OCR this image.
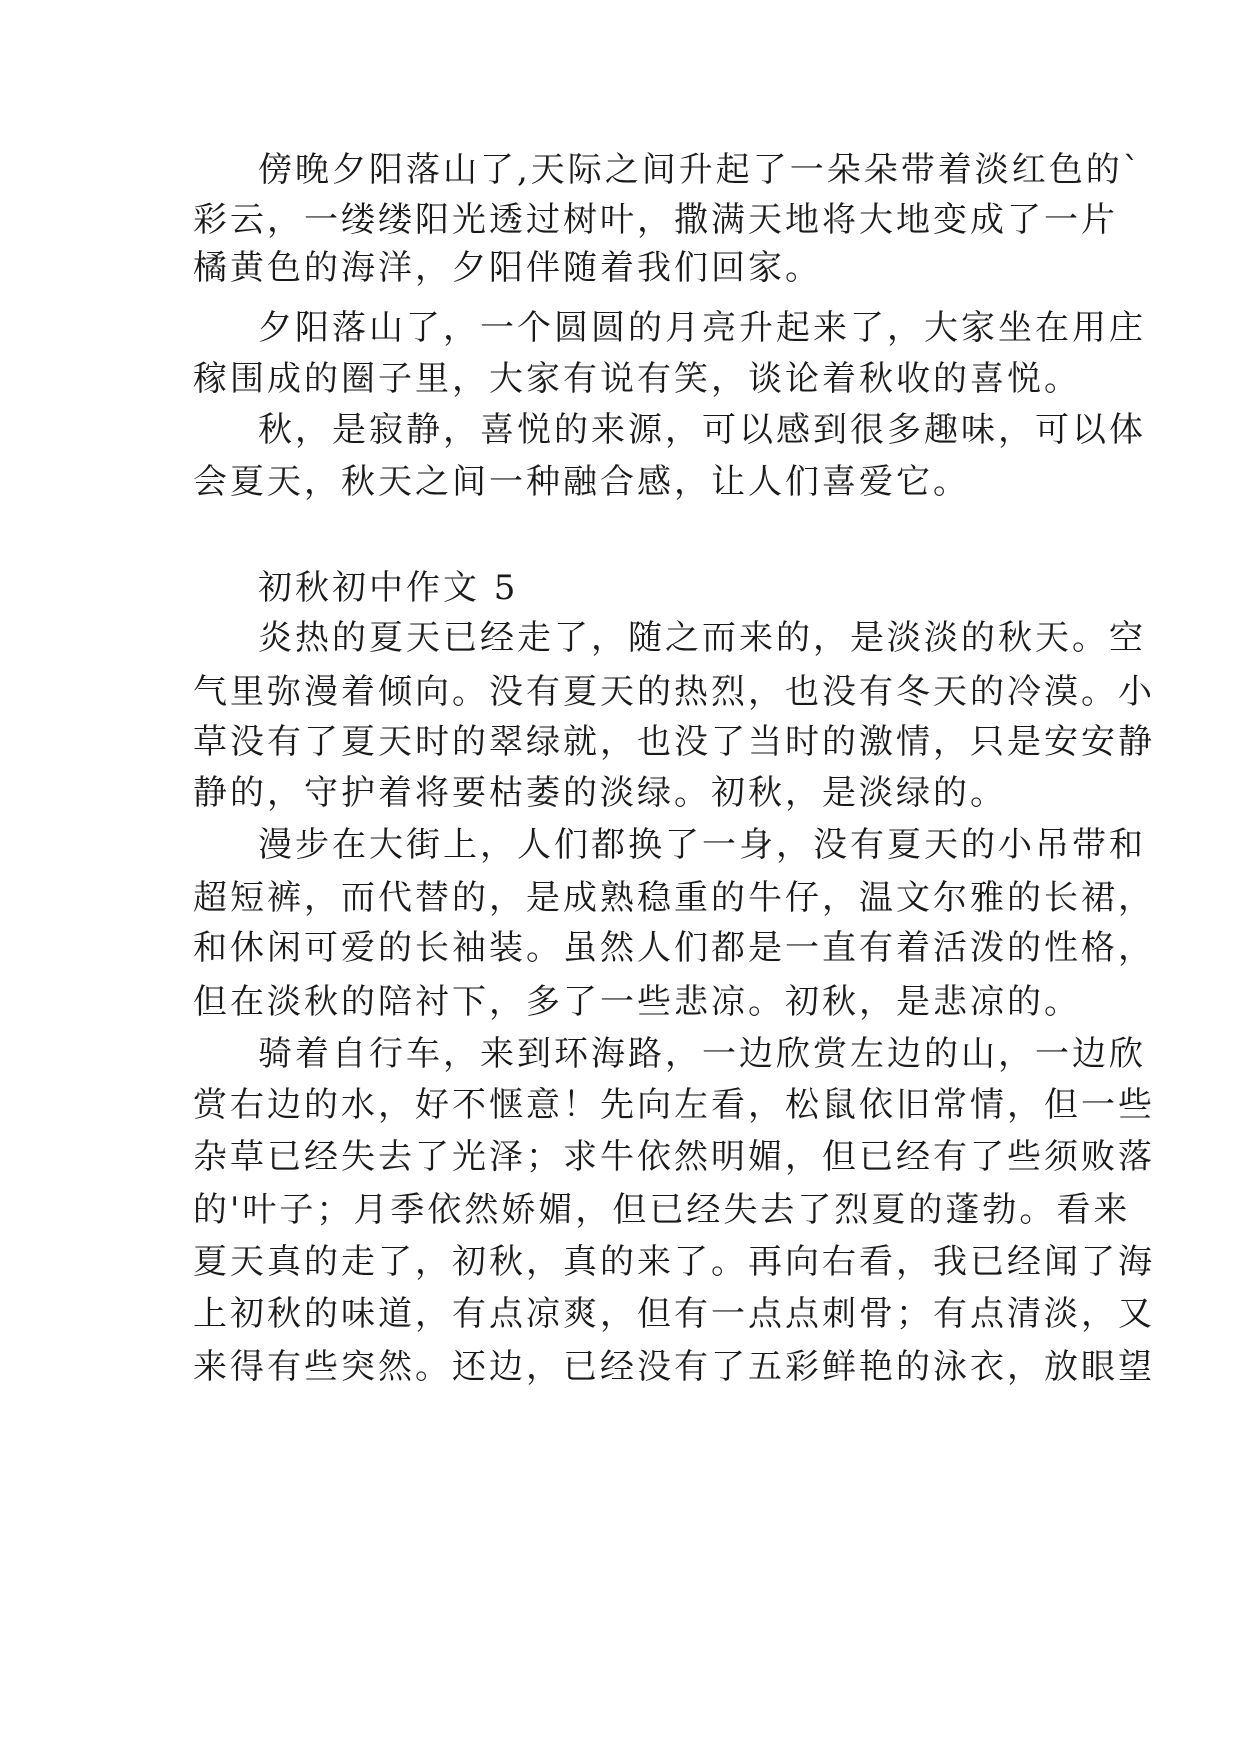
傍晚夕阳落山了,天际之间升起了一朵朵带着淡红色的`
彩云，一缕缕阳光透过树叶，撒满天地将大地变成了一片
橘黄色的海洋，夕阳伴随着我们回家。
夕阳落山了，一个圆圆的月亮升起来了，大家坐在用庄
稼围成的圈子里，大家有说有笑，谈论着秋收的喜悦。
秋，是寂静，喜悦的来源，可以感到很多趣味，可以体
会夏天，秋天之间一种融合感，让人们喜爱它。
初秋初中作文 5
炎热的夏天已经走了，随之而来的，是淡淡的秋天。空
气里弥漫着倾向。没有夏天的热烈，也没有冬天的冷漠。小
草没有了夏天时的翠绿就，也没了当时的激情，只是安安静
静的，守护着将要枯萎的淡绿。初秋，是淡绿的。
漫步在大街上，人们都换了一身，没有夏天的小吊带和
超短裤，而代替的，是成熟稳重的牛仔，温文尔雅的长裙，
和休闲可爱的长袖装。虽然人们都是一直有着活泼的性格，
但在淡秋的陪衬下，多了一些悲凉。初秋，是悲凉的。
骑着自行车，来到环海路，一边欣赏左边的山，一边欣
赏右边的水，好不惬意！先向左看，松鼠依旧常情，但一些
杂草已经失去了光泽；求牛依然明媚，但已经有了些须败落
的'叶子；月季依然娇媚，但已经失去了烈夏的蓬勃。看来
夏天真的走了，初秋，真的来了。再向右看，我已经闻了海
上初秋的味道，有点凉爽，但有一点点刺骨；有点清淡，又
来得有些突然。还边，已经没有了五彩鲜艳的泳衣，放眼望
